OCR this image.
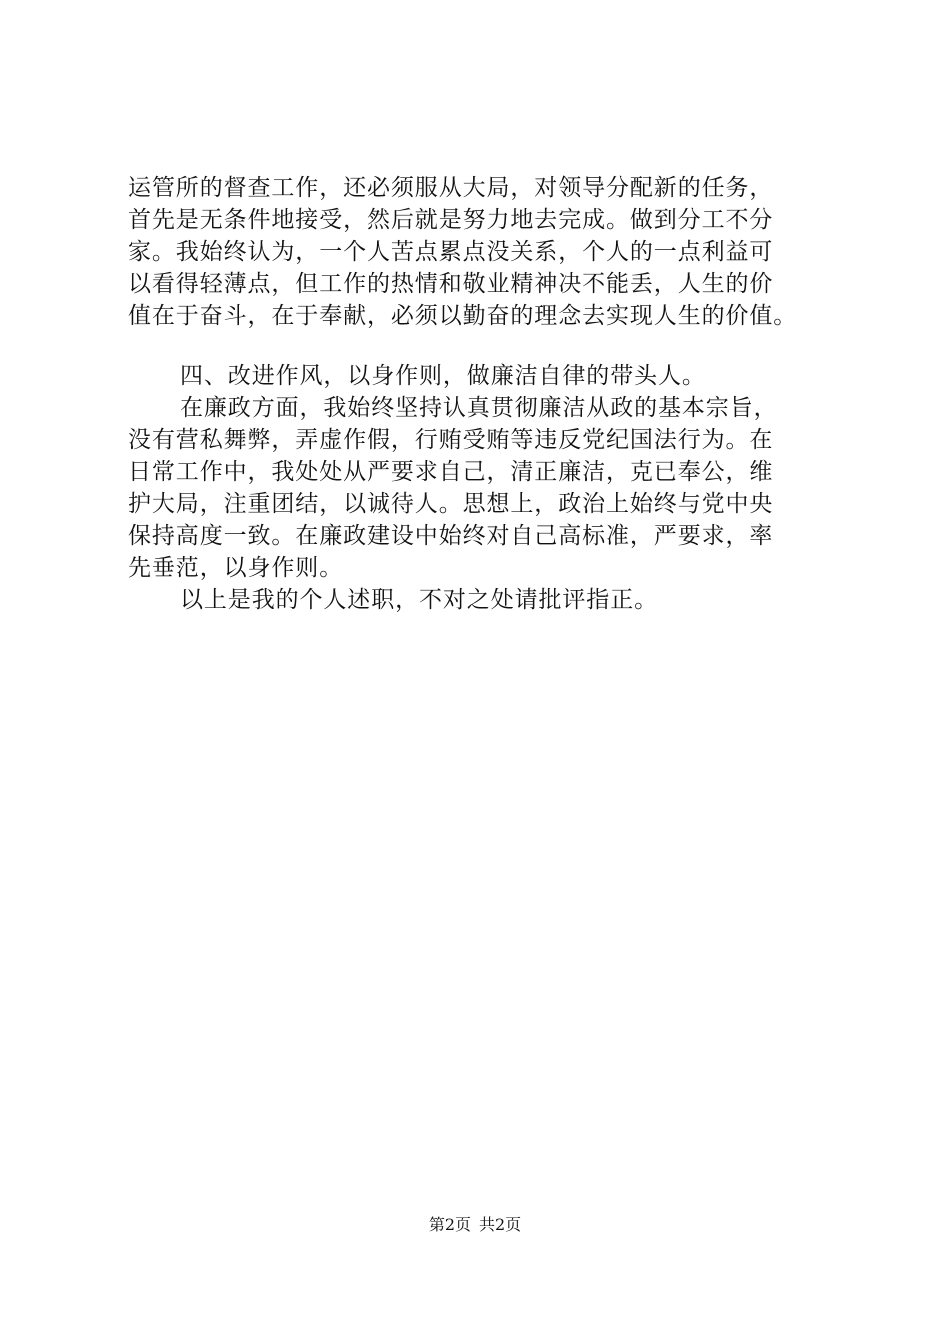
运管所的督查工作，还必须服从大局，对领导分配新的任务，
首先是无条件地接受，然后就是努力地去完成。做到分工不分
家。我始终认为，一个人苦点累点没关系，个人的一点利益可
以看得轻薄点，但工作的热情和敬业精神决不能丢，人生的价
值在于奋斗，在于奉献，必须以勤奋的理念去实现人生的价值。
四、改进作风，以身作则，做廉洁自律的带头人。
在廉政方面，我始终坚持认真贯彻廉洁从政的基本宗旨，
没有营私舞弊，弄虚作假，行贿受贿等违反党纪国法行为。在
日常工作中，我处处从严要求自己，清正廉洁，克已奉公，维
护大局，注重团结，以诚待人。思想上，政治上始终与党中央
保持高度一致。在廉政建设中始终对自己高标准，严要求，率
先垂范，以身作则。
以上是我的个人述职，不对之处请批评指正。
第2页 共2页
